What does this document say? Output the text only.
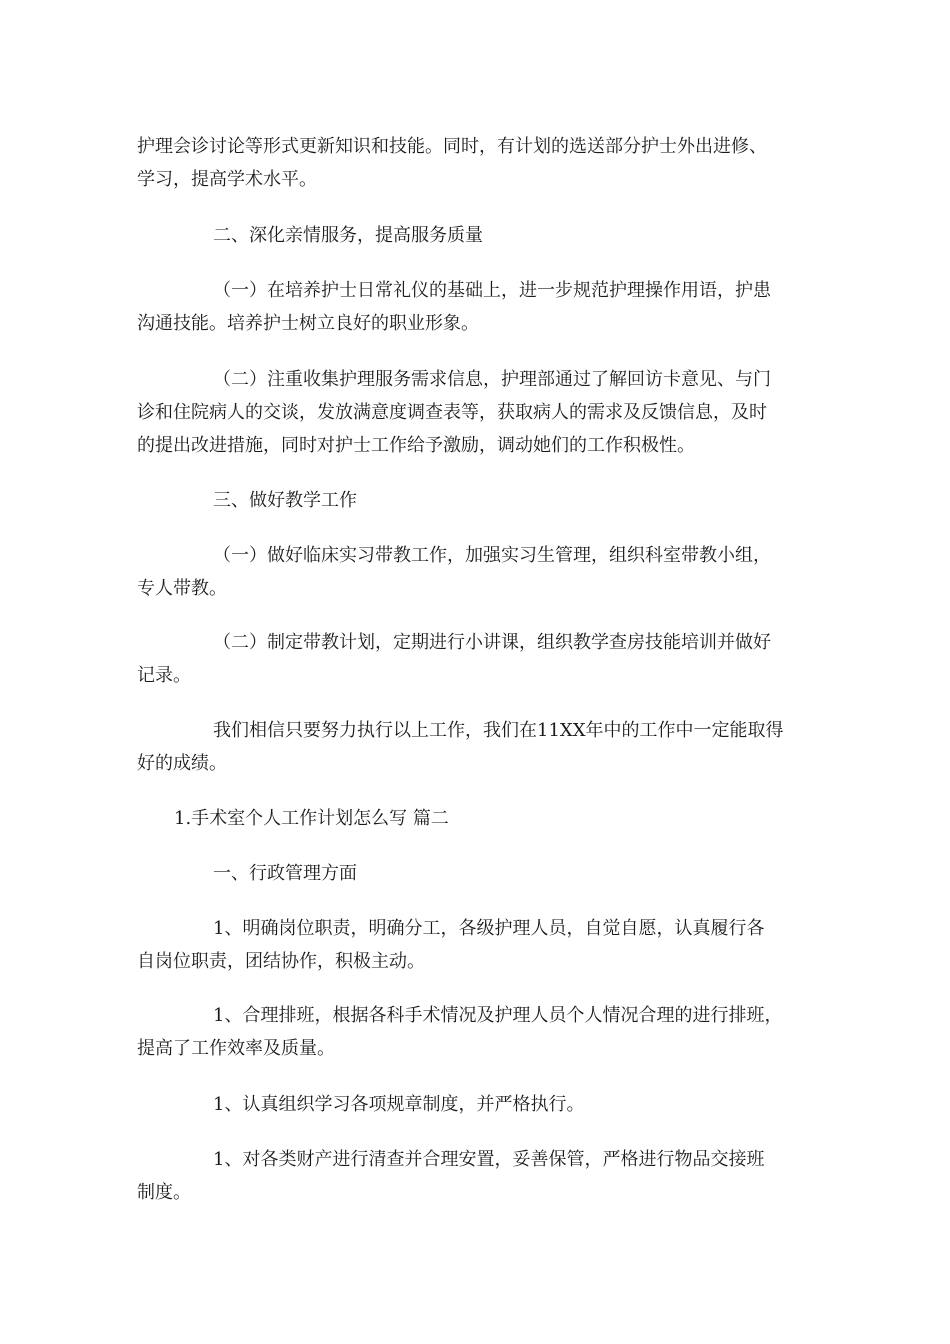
护理会诊讨论等形式更新知识和技能。同时，有计划的选送部分护士外出进修、
学习，提高学术水平。

二、深化亲情服务，提高服务质量

（一）在培养护士日常礼仪的基础上，进一步规范护理操作用语，护患
沟通技能。培养护士树立良好的职业形象。

（二）注重收集护理服务需求信息，护理部通过了解回访卡意见、与门
诊和住院病人的交谈，发放满意度调查表等，获取病人的需求及反馈信息，及时
的提出改进措施，同时对护士工作给予激励，调动她们的工作积极性。

三、做好教学工作

（一）做好临床实习带教工作，加强实习生管理，组织科室带教小组，
专人带教。

（二）制定带教计划，定期进行小讲课，组织教学查房技能培训并做好
记录。

我们相信只要努力执行以上工作，我们在11XX年中的工作中一定能取得
好的成绩。

1.手术室个人工作计划怎么写 篇二

一、行政管理方面

1、明确岗位职责，明确分工，各级护理人员，自觉自愿，认真履行各
自岗位职责，团结协作，积极主动。

1、合理排班，根据各科手术情况及护理人员个人情况合理的进行排班，
提高了工作效率及质量。

1、认真组织学习各项规章制度，并严格执行。

1、对各类财产进行清查并合理安置，妥善保管，严格进行物品交接班
制度。
